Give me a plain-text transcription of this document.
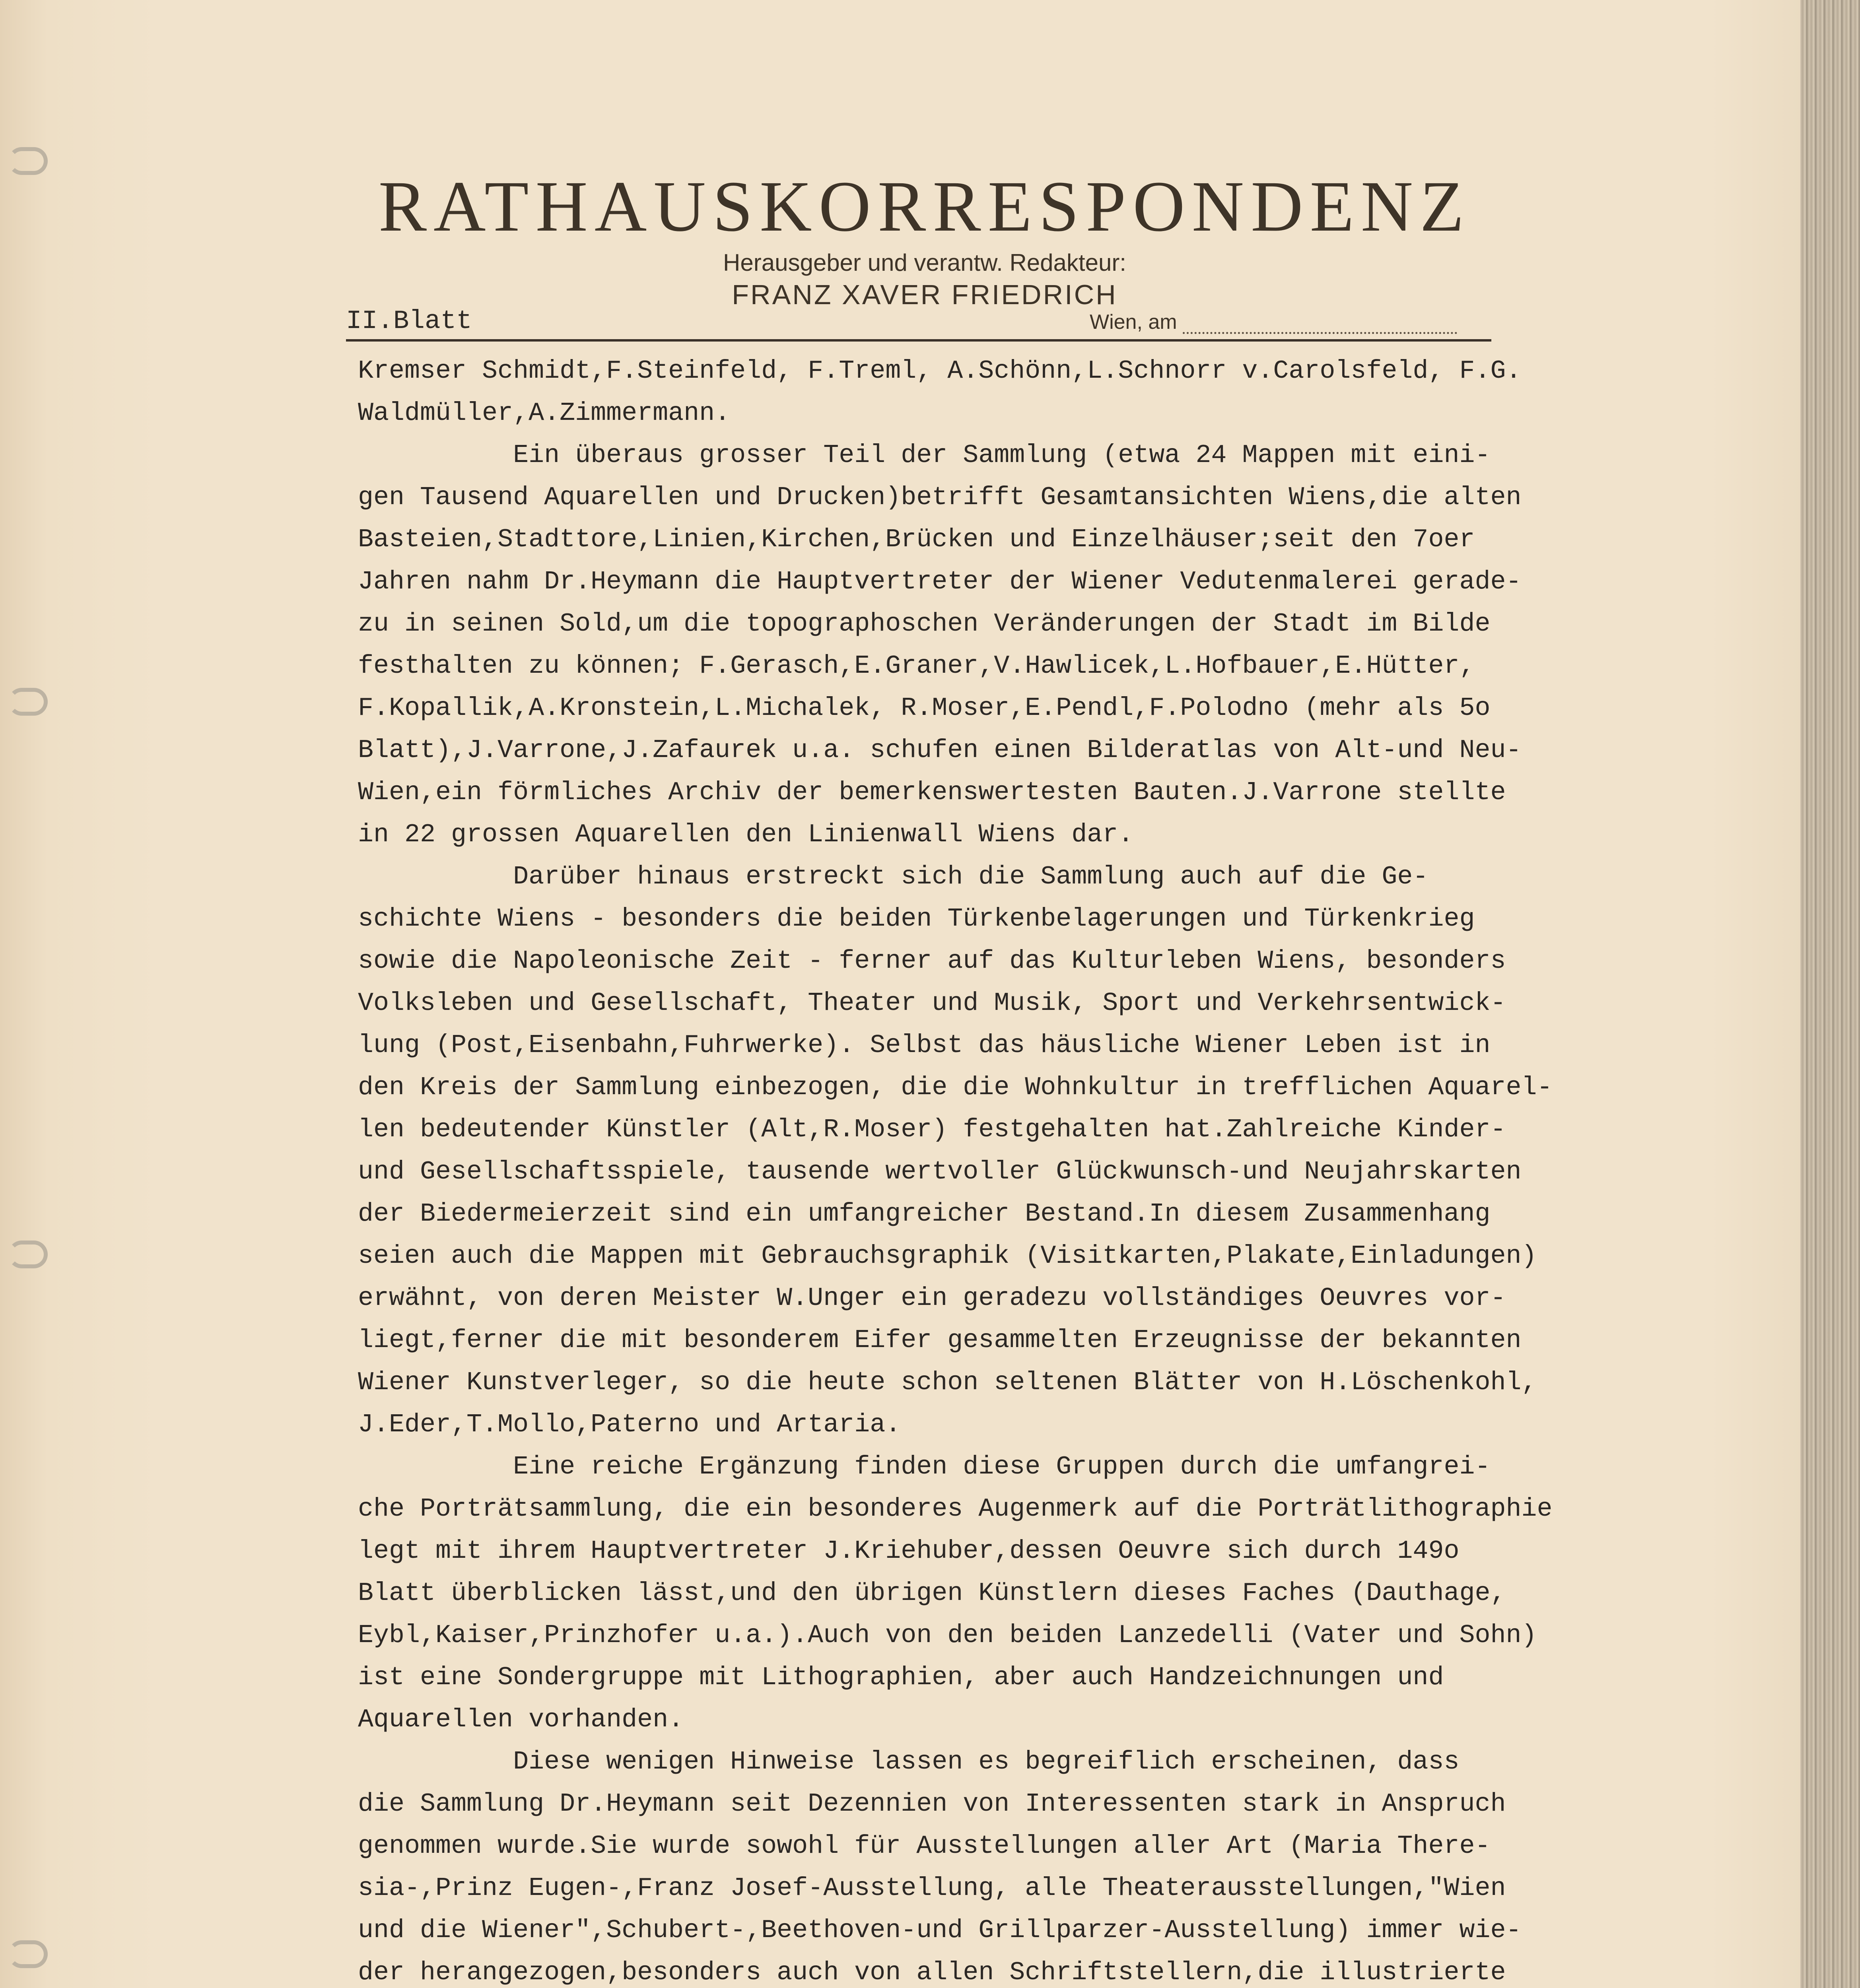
RATHAUSKORRESPONDENZ
Herausgeber und verantw. Redakteur:
FRANZ XAVER FRIEDRICH
II.Blatt	Wien, am
Kremser Schmidt,F.Steinfeld, F.Treml, A.Schönn,L.Schnorr v.Carolsfeld, F.G.
Waldmüller,A.Zimmermann.
Ein überaus grosser Teil der Sammlung (etwa 24 Mappen mit eini-
gen Tausend Aquarellen und Drucken)betrifft Gesamtansichten Wiens,die alten
Basteien,Stadttore,Linien,Kirchen,Brücken und Einzelhäuser;seit den 7oer
Jahren nahm Dr.Heymann die Hauptvertreter der Wiener Vedutenmalerei gerade-
zu in seinen Sold,um die topographoschen Veränderungen der Stadt im Bilde
festhalten zu können; F.Gerasch,E.Graner,V.Hawlicek,L.Hofbauer,E.Hütter,
F.Kopallik,A.Kronstein,L.Michalek, R.Moser,E.Pendl,F.Polodno (mehr als 5o
Blatt),J.Varrone,J.Zafaurek u.a. schufen einen Bilderatlas von Alt-und Neu-
Wien,ein förmliches Archiv der bemerkenswertesten Bauten.J.Varrone stellte
in 22 grossen Aquarellen den Linienwall Wiens dar.
Darüber hinaus erstreckt sich die Sammlung auch auf die Ge-
schichte Wiens - besonders die beiden Türkenbelagerungen und Türkenkrieg
sowie die Napoleonische Zeit - ferner auf das Kulturleben Wiens, besonders
Volksleben und Gesellschaft, Theater und Musik, Sport und Verkehrsentwick-
lung (Post,Eisenbahn,Fuhrwerke). Selbst das häusliche Wiener Leben ist in
den Kreis der Sammlung einbezogen, die die Wohnkultur in trefflichen Aquarel-
len bedeutender Künstler (Alt,R.Moser) festgehalten hat.Zahlreiche Kinder-
und Gesellschaftsspiele, tausende wertvoller Glückwunsch-und Neujahrskarten
der Biedermeierzeit sind ein umfangreicher Bestand.In diesem Zusammenhang
seien auch die Mappen mit Gebrauchsgraphik (Visitkarten,Plakate,Einladungen)
erwähnt, von deren Meister W.Unger ein geradezu vollständiges Oeuvres vor-
liegt,ferner die mit besonderem Eifer gesammelten Erzeugnisse der bekannten
Wiener Kunstverleger, so die heute schon seltenen Blätter von H.Löschenkohl,
J.Eder,T.Mollo,Paterno und Artaria.
Eine reiche Ergänzung finden diese Gruppen durch die umfangrei-
che Porträtsammlung, die ein besonderes Augenmerk auf die Porträtlithographie
legt mit ihrem Hauptvertreter J.Kriehuber,dessen Oeuvre sich durch 149o
Blatt überblicken lässt,und den übrigen Künstlern dieses Faches (Dauthage,
Eybl,Kaiser,Prinzhofer u.a.).Auch von den beiden Lanzedelli (Vater und Sohn)
ist eine Sondergruppe mit Lithographien, aber auch Handzeichnungen und
Aquarellen vorhanden.
Diese wenigen Hinweise lassen es begreiflich erscheinen, dass
die Sammlung Dr.Heymann seit Dezennien von Interessenten stark in Anspruch
genommen wurde.Sie wurde sowohl für Ausstellungen aller Art (Maria There-
sia-,Prinz Eugen-,Franz Josef-Ausstellung, alle Theaterausstellungen,"Wien
und die Wiener",Schubert-,Beethoven-und Grillparzer-Ausstellung) immer wie-
der herangezogen,besonders auch von allen Schriftstellern,die illustrierte
